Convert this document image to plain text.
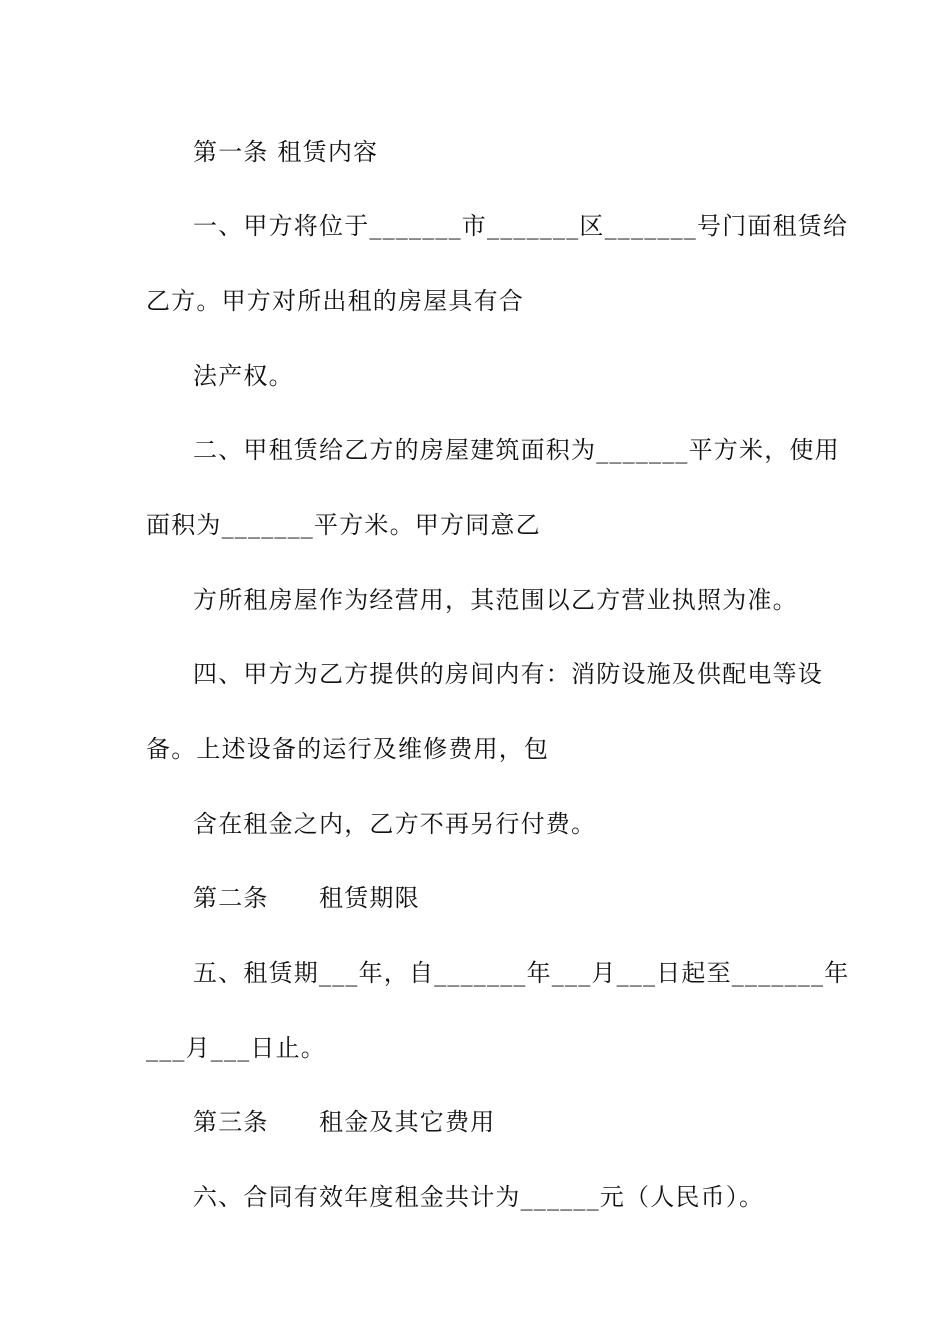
第一条 租赁内容
一、甲方将位于_______市_______区_______号门面租赁给
乙方。甲方对所出租的房屋具有合
法产权。
二、甲租赁给乙方的房屋建筑面积为_______平方米，使用
面积为_______平方米。甲方同意乙
方所租房屋作为经营用，其范围以乙方营业执照为准。
四、甲方为乙方提供的房间内有：消防设施及供配电等设
备。上述设备的运行及维修费用，包
含在租金之内，乙方不再另行付费。
第二条　　租赁期限
五、租赁期___年，自_______年___月___日起至_______年
___月___日止。
第三条　　租金及其它费用
六、合同有效年度租金共计为______元（人民币）。
